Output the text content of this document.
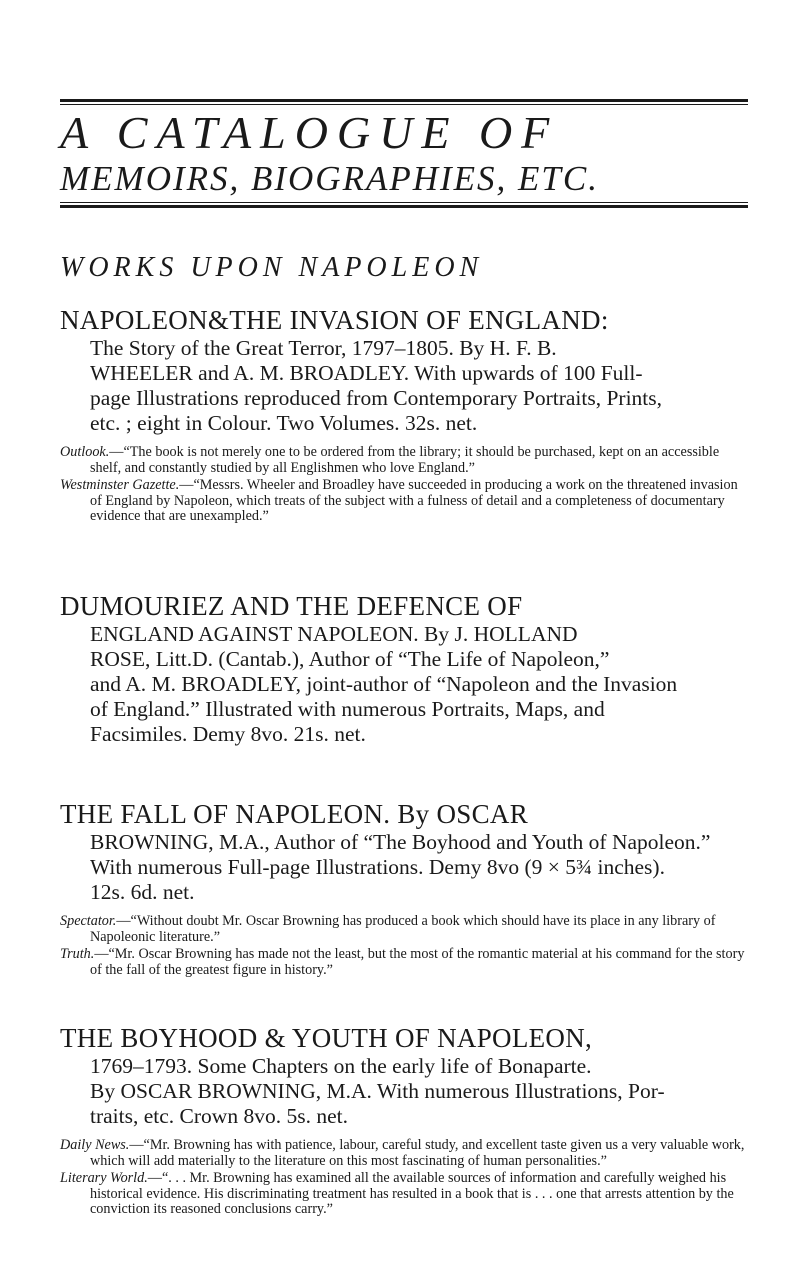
A CATALOGUE OF
MEMOIRS, BIOGRAPHIES, ETC.
WORKS UPON NAPOLEON
NAPOLEON&THE INVASION OF ENGLAND:
The Story of the Great Terror, 1797–1805. By H. F. B.
WHEELER and A. M. BROADLEY. With upwards of 100 Full-
page Illustrations reproduced from Contemporary Portraits, Prints,
etc. ; eight in Colour. Two Volumes. 32s. net.
Outlook.—“The book is not merely one to be ordered from the library; it should be purchased, kept on an accessible shelf, and constantly studied by all Englishmen who love England.”
Westminster Gazette.—“Messrs. Wheeler and Broadley have succeeded in producing a work on the threatened invasion of England by Napoleon, which treats of the subject with a fulness of detail and a completeness of documentary evidence that are unexampled.”
DUMOURIEZ AND THE DEFENCE OF
ENGLAND AGAINST NAPOLEON. By J. HOLLAND
ROSE, Litt.D. (Cantab.), Author of “The Life of Napoleon,”
and A. M. BROADLEY, joint-author of “Napoleon and the Invasion
of England.” Illustrated with numerous Portraits, Maps, and
Facsimiles. Demy 8vo. 21s. net.
THE FALL OF NAPOLEON. By OSCAR
BROWNING, M.A., Author of “The Boyhood and Youth of Napoleon.”
With numerous Full-page Illustrations. Demy 8vo (9 × 5¾ inches).
12s. 6d. net.
Spectator.—“Without doubt Mr. Oscar Browning has produced a book which should have its place in any library of Napoleonic literature.”
Truth.—“Mr. Oscar Browning has made not the least, but the most of the romantic material at his command for the story of the fall of the greatest figure in history.”
THE BOYHOOD & YOUTH OF NAPOLEON,
1769–1793. Some Chapters on the early life of Bonaparte.
By OSCAR BROWNING, M.A. With numerous Illustrations, Por-
traits, etc. Crown 8vo. 5s. net.
Daily News.—“Mr. Browning has with patience, labour, careful study, and excellent taste given us a very valuable work, which will add materially to the literature on this most fascinating of human personalities.”
Literary World.—“. . . Mr. Browning has examined all the available sources of information and carefully weighed his historical evidence. His discriminating treatment has resulted in a book that is . . . one that arrests attention by the conviction its reasoned conclusions carry.”
